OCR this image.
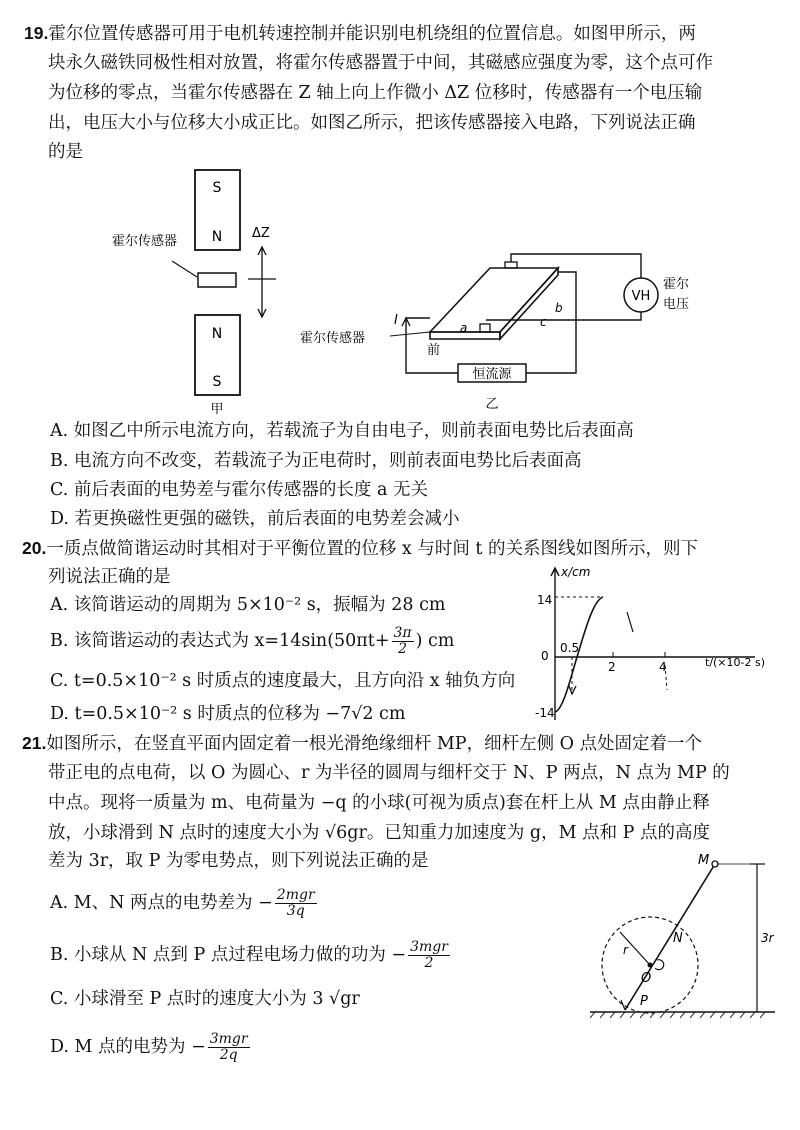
19.霍尔位置传感器可用于电机转速控制并能识别电机绕组的位置信息。如图甲所示，两
块永久磁铁同极性相对放置，将霍尔传感器置于中间，其磁感应强度为零，这个点可作
为位移的零点，当霍尔传感器在 Z 轴上向上作微小 ΔZ 位移时，传感器有一个电压输
出，电压大小与位移大小成正比。如图乙所示，把该传感器接入电路，下列说法正确
的是
S
N
N
S
霍尔传感器
ΔZ
甲
VH
霍尔
电压
I
恒流源
霍尔传感器
前
a
b
c
乙
A. 如图乙中所示电流方向，若载流子为自由电子，则前表面电势比后表面高
B. 电流方向不改变，若载流子为正电荷时，则前表面电势比后表面高
C. 前后表面的电势差与霍尔传感器的长度 a 无关
D. 若更换磁性更强的磁铁，前后表面的电势差会减小
20.一质点做简谐运动时其相对于平衡位置的位移 x 与时间 t 的关系图线如图所示，则下
列说法正确的是
A. 该简谐运动的周期为 5×10⁻² s，振幅为 28 cm
B. 该简谐运动的表达式为 $x=14\sin(50\pi t+ \frac{3\pi}{2}$ ) cm
C. t=0.5×10⁻² s 时质点的速度最大，且方向沿 x 轴负方向
D. t=0.5×10⁻² s 时质点的位移为 −7√2 cm
x/cm
t/(×10-2 s)
14
-14
0
0.5
2	4
21.如图所示，在竖直平面内固定着一根光滑绝缘细杆 MP，细杆左侧 O 点处固定着一个
带正电的点电荷，以 O 为圆心、r 为半径的圆周与细杆交于 N、P 两点，N 点为 MP 的
中点。现将一质量为 m、电荷量为 −q 的小球(可视为质点)套在杆上从 M 点由静止释
放，小球滑到 N 点时的速度大小为 √6gr。已知重力加速度为 g，M 点和 P 点的高度
差为 3r，取 P 为零电势点，则下列说法正确的是
A. M、N 两点的电势差为 − $\frac{\text{2mgr}}{3q}$
B. 小球从 N 点到 P 点过程电场力做的功为 − $\frac{\text{3mgr}}{2}$
C. 小球滑至 P 点时的速度大小为 3 √gr
D. M 点的电势为 − $\frac{\text{3mgr}}{2q}$
3r
M
N
P
O
r
